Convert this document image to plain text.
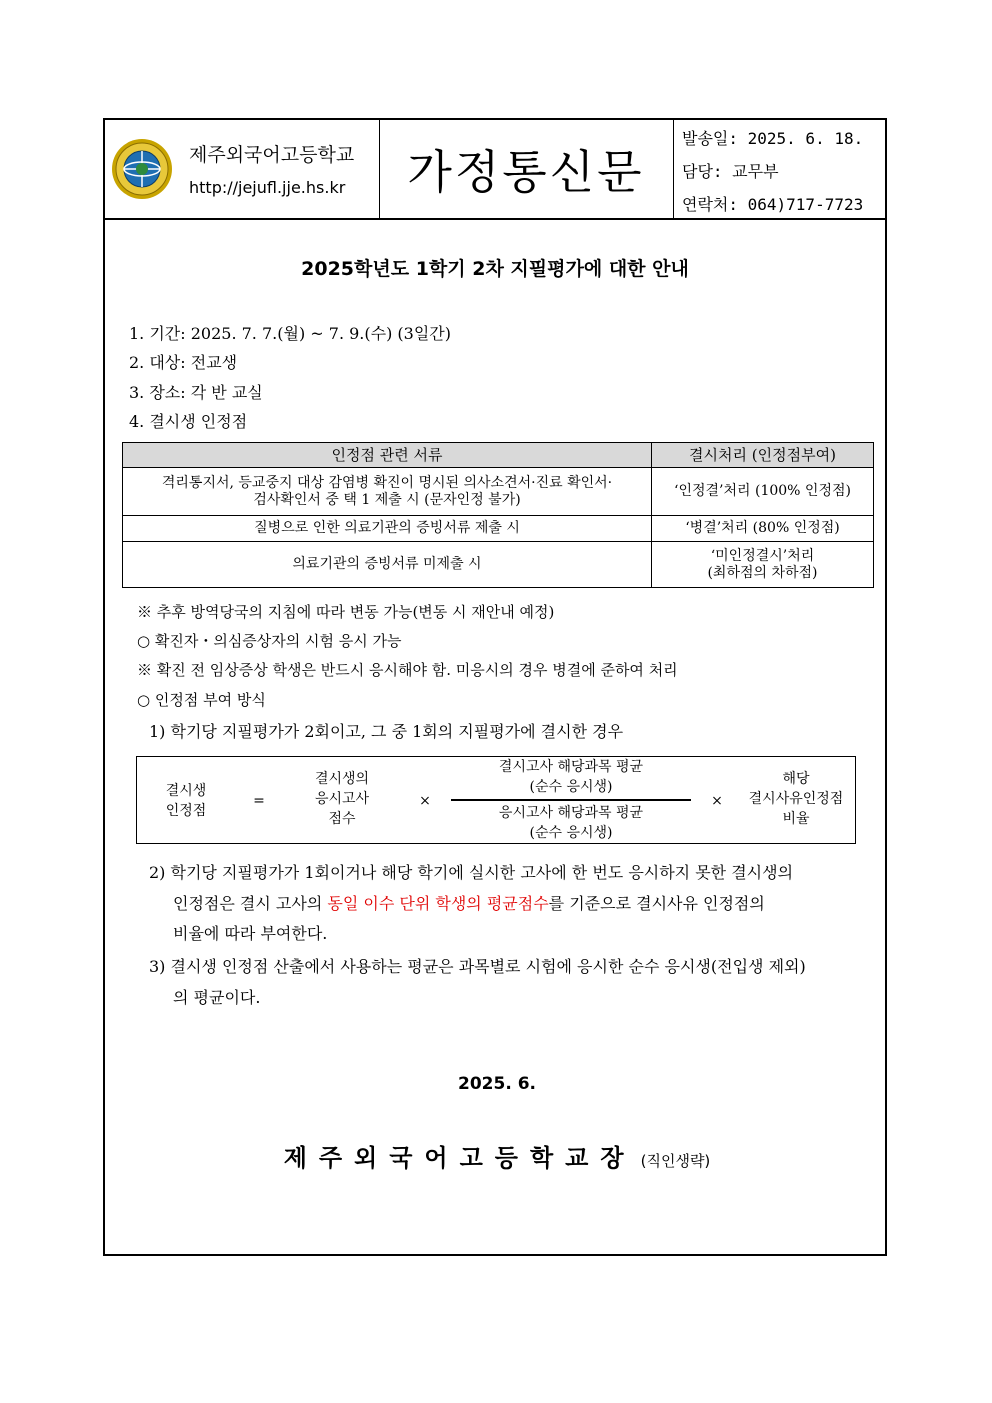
제주외국어고등학교
http://jejufl.jje.hs.kr 가정통신문
발송일: 2025. 6. 18.
담당: 교무부
연락처: 064)717-7723
2025학년도 1학기 2차 지필평가에 대한 안내
1. 기간: 2025. 7. 7.(월) ~ 7. 9.(수) (3일간)
2. 대상: 전교생
3. 장소: 각 반 교실
4. 결시생 인정점
인정점 관련 서류	결시처리 (인정점부여)

격리통지서, 등교중지 대상 감염병 확진이 명시된 의사소견서·진료 확인서·
검사확인서 중 택 1 제출 시 (문자인정 불가)	‘인정결’처리 (100% 인정점)

질병으로 인한 의료기관의 증빙서류 제출 시	‘병결’처리 (80% 인정점)

의료기관의 증빙서류 미제출 시	‘미인정결시’처리
(최하점의 차하점)
※ 추후 방역당국의 지침에 따라 변동 가능(변동 시 재안내 예정)
○ 확진자・의심증상자의 시험 응시 가능
※ 확진 전 임상증상 학생은 반드시 응시해야 함. 미응시의 경우 병결에 준하여 처리
○ 인정점 부여 방식
1) 학기당 지필평가가 2회이고, 그 중 1회의 지필평가에 결시한 경우
결시생
인정점
=
결시생의
응시고사
점수
×
결시고사 해당과목 평균
(순수 응시생)
응시고사 해당과목 평균
(순수 응시생)
×
해당
결시사유인정점
비율
2) 학기당 지필평가가 1회이거나 해당 학기에 실시한 고사에 한 번도 응시하지 못한 결시생의
인정점은 결시 고사의 동일 이수 단위 학생의 평균점수를 기준으로 결시사유 인정점의
비율에 따라 부여한다.
3) 결시생 인정점 산출에서 사용하는 평균은 과목별로 시험에 응시한 순수 응시생(전입생 제외)
의 평균이다.
2025. 6.
제주외국어고등학교장 (직인생략)
